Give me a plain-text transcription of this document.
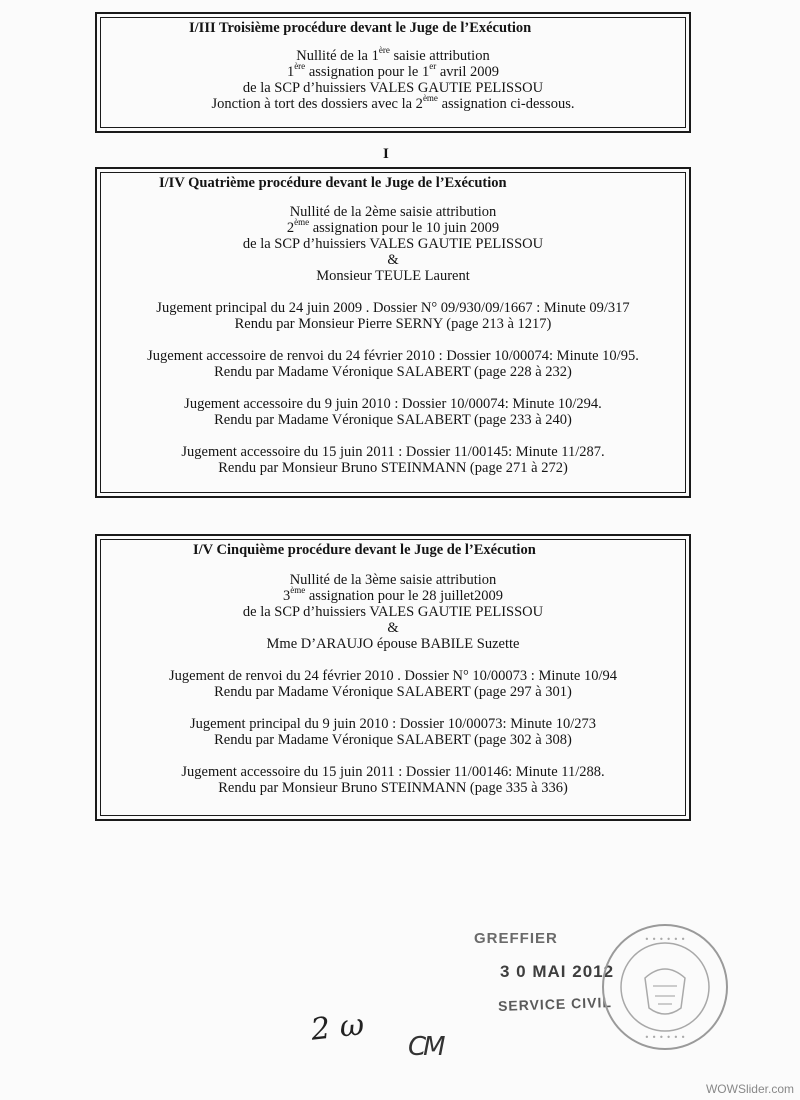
I/III Troisième procédure devant le Juge de l’Exécution
Nullité de la 1ère saisie attribution
1ère assignation pour le 1er avril 2009
de la SCP d’huissiers VALES GAUTIE PELISSOU
Jonction à tort des dossiers avec la 2ème assignation ci-dessous.
I
I/IV Quatrième procédure devant le Juge de l’Exécution
Nullité de la 2ème saisie attribution
2ème assignation pour le 10 juin 2009
de la SCP d’huissiers VALES GAUTIE PELISSOU
&
Monsieur TEULE Laurent
Jugement principal du 24 juin 2009 . Dossier N° 09/930/09/1667 : Minute 09/317
Rendu par Monsieur Pierre SERNY (page 213 à 1217)
Jugement accessoire de renvoi du 24 février 2010 : Dossier 10/00074: Minute 10/95.
Rendu par Madame Véronique SALABERT (page 228 à 232)
Jugement accessoire du 9 juin 2010 : Dossier 10/00074: Minute 10/294.
Rendu par Madame Véronique SALABERT (page 233 à 240)
Jugement accessoire du 15 juin 2011 : Dossier 11/00145: Minute 11/287.
Rendu par Monsieur Bruno STEINMANN (page 271 à 272)
I/V Cinquième procédure devant le Juge de l’Exécution
Nullité de la 3ème saisie attribution
3ème assignation pour le 28 juillet2009
de la SCP d’huissiers VALES GAUTIE PELISSOU
&
Mme D’ARAUJO épouse BABILE Suzette
Jugement de renvoi du 24 février 2010 . Dossier N° 10/00073 : Minute 10/94
Rendu par Madame Véronique SALABERT (page 297 à 301)
Jugement principal du 9 juin 2010 : Dossier 10/00073: Minute 10/273
Rendu par Madame Véronique SALABERT (page 302 à 308)
Jugement accessoire du 15 juin 2011 : Dossier 11/00146: Minute 11/288.
Rendu par Monsieur Bruno STEINMANN (page 335 à 336)
GREFFIER
3 0 MAI 2012
SERVICE CIVIL
• • • • • •
• • • • • •
2 ω CM
WOWSlider.com
